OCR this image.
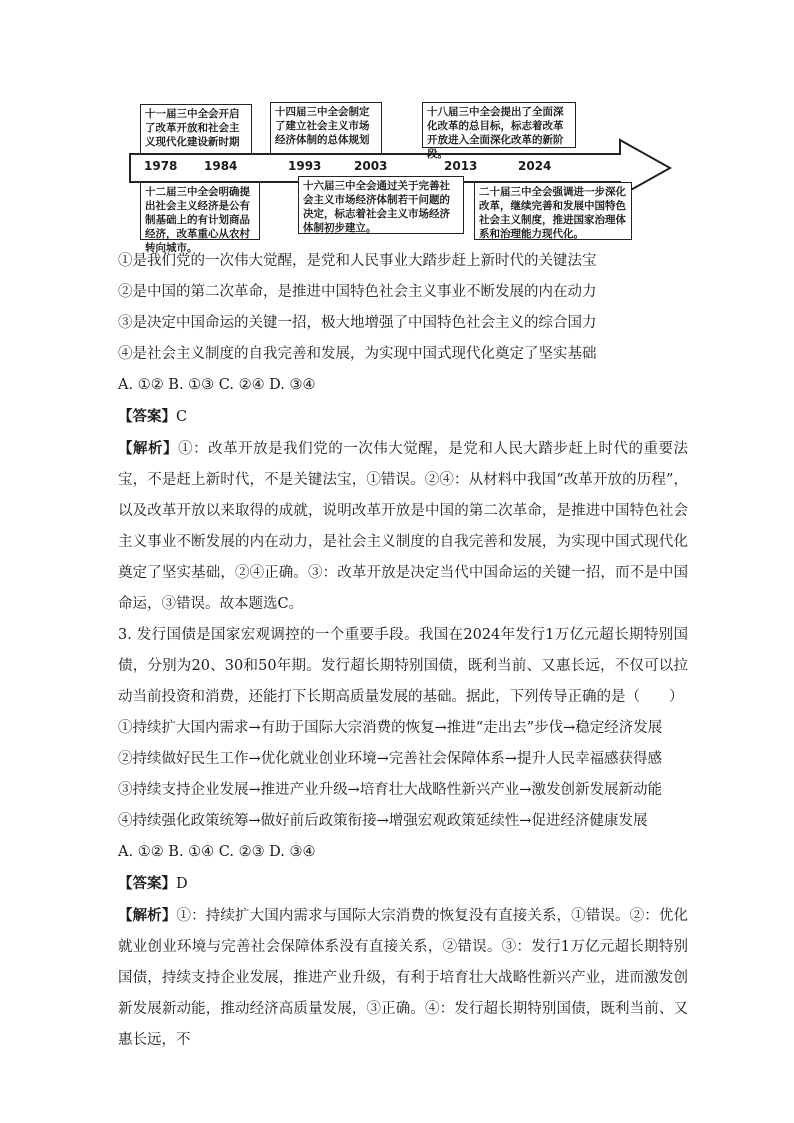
十一届三中全会开启了改革开放和社会主义现代化建设新时期
十四届三中全会制定了建立社会主义市场经济体制的总体规划
十八届三中全会提出了全面深化改革的总目标，标志着改革开放进入全面深化改革的新阶段。
十二届三中全会明确提出社会主义经济是公有制基础上的有计划商品经济，改革重心从农村转向城市。
十六届三中全会通过关于完善社会主义市场经济体制若干问题的决定，标志着社会主义市场经济体制初步建立。
二十届三中全会强调进一步深化改革，继续完善和发展中国特色社会主义制度，推进国家治理体系和治理能力现代化。
1978 1984	1993	2003	2013	2024
①是我们党的一次伟大觉醒，是党和人民事业大踏步赶上新时代的关键法宝
②是中国的第二次革命，是推进中国特色社会主义事业不断发展的内在动力
③是决定中国命运的关键一招，极大地增强了中国特色社会主义的综合国力
④是社会主义制度的自我完善和发展，为实现中国式现代化奠定了坚实基础
A. ①② B. ①③ C. ②④ D. ③④
【答案】C
【解析】①：改革开放是我们党的一次伟大觉醒，是党和人民大踏步赶上时代的重要法宝，不是赶上新时代，不是关键法宝，①错误。②④：从材料中我国“改革开放的历程”，以及改革开放以来取得的成就，说明改革开放是中国的第二次革命，是推进中国特色社会主义事业不断发展的内在动力，是社会主义制度的自我完善和发展，为实现中国式现代化奠定了坚实基础，②④正确。③：改革开放是决定当代中国命运的关键一招，而不是中国命运，③错误。故本题选C。
3. 发行国债是国家宏观调控的一个重要手段。我国在2024年发行1万亿元超长期特别国债，分别为20、30和50年期。发行超长期特别国债，既利当前、又惠长远，不仅可以拉动当前投资和消费，还能打下长期高质量发展的基础。据此，下列传导正确的是（　　）
①持续扩大国内需求→有助于国际大宗消费的恢复→推进“走出去”步伐→稳定经济发展
②持续做好民生工作→优化就业创业环境→完善社会保障体系→提升人民幸福感获得感
③持续支持企业发展→推进产业升级→培育壮大战略性新兴产业→激发创新发展新动能
④持续强化政策统筹→做好前后政策衔接→增强宏观政策延续性→促进经济健康发展
A. ①② B. ①④ C. ②③ D. ③④
【答案】D
【解析】①：持续扩大国内需求与国际大宗消费的恢复没有直接关系，①错误。②：优化就业创业环境与完善社会保障体系没有直接关系，②错误。③：发行1万亿元超长期特别国债，持续支持企业发展，推进产业升级，有利于培育壮大战略性新兴产业，进而激发创新发展新动能，推动经济高质量发展，③正确。④：发行超长期特别国债，既利当前、又惠长远，不
